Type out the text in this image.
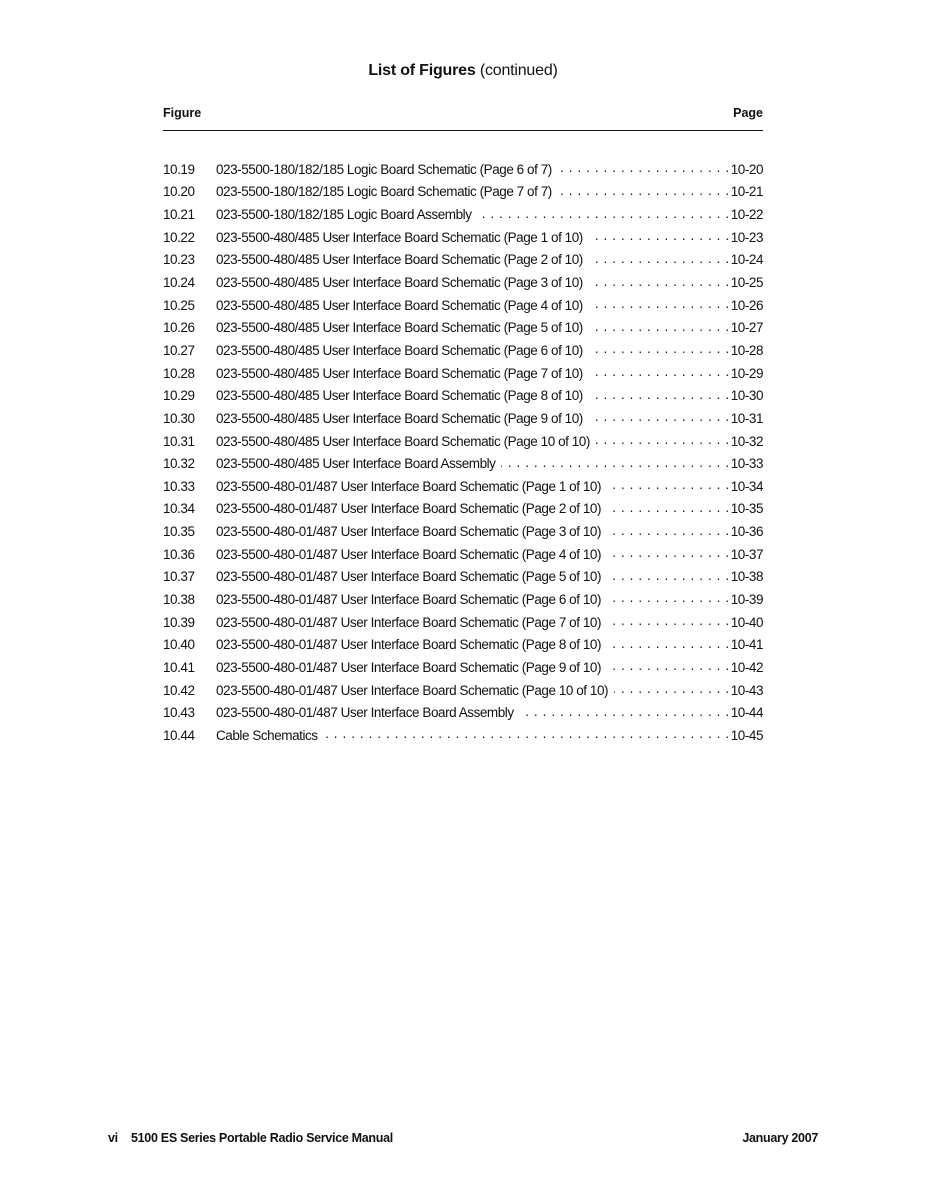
List of Figures (continued)
Figure	Page
10.19	023-5500-180/182/185 Logic Board Schematic (Page 6 of 7) . . .	10-20
10.20	023-5500-180/182/185 Logic Board Schematic (Page 7 of 7) . . .	10-21
10.21	023-5500-180/182/185 Logic Board Assembly . . .	10-22
10.22	023-5500-480/485 User Interface Board Schematic (Page 1 of 10) . . .	10-23
10.23	023-5500-480/485 User Interface Board Schematic (Page 2 of 10) . . .	10-24
10.24	023-5500-480/485 User Interface Board Schematic (Page 3 of 10) . . .	10-25
10.25	023-5500-480/485 User Interface Board Schematic (Page 4 of 10) . . .	10-26
10.26	023-5500-480/485 User Interface Board Schematic (Page 5 of 10) . . .	10-27
10.27	023-5500-480/485 User Interface Board Schematic (Page 6 of 10) . . .	10-28
10.28	023-5500-480/485 User Interface Board Schematic (Page 7 of 10) . . .	10-29
10.29	023-5500-480/485 User Interface Board Schematic (Page 8 of 10) . . .	10-30
10.30	023-5500-480/485 User Interface Board Schematic (Page 9 of 10) . . .	10-31
10.31	023-5500-480/485 User Interface Board Schematic (Page 10 of 10) . . .	10-32
10.32	023-5500-480/485 User Interface Board Assembly . . .	10-33
10.33	023-5500-480-01/487 User Interface Board Schematic (Page 1 of 10) . . .	10-34
10.34	023-5500-480-01/487 User Interface Board Schematic (Page 2 of 10) . . .	10-35
10.35	023-5500-480-01/487 User Interface Board Schematic (Page 3 of 10) . . .	10-36
10.36	023-5500-480-01/487 User Interface Board Schematic (Page 4 of 10) . . .	10-37
10.37	023-5500-480-01/487 User Interface Board Schematic (Page 5 of 10) . . .	10-38
10.38	023-5500-480-01/487 User Interface Board Schematic (Page 6 of 10) . . .	10-39
10.39	023-5500-480-01/487 User Interface Board Schematic (Page 7 of 10) . . .	10-40
10.40	023-5500-480-01/487 User Interface Board Schematic (Page 8 of 10) . . .	10-41
10.41	023-5500-480-01/487 User Interface Board Schematic (Page 9 of 10) . . .	10-42
10.42	023-5500-480-01/487 User Interface Board Schematic (Page 10 of 10) . . .	10-43
10.43	023-5500-480-01/487 User Interface Board Assembly . . .	10-44
10.44	Cable Schematics . . .	10-45
vi 5100 ES Series Portable Radio Service Manual	January 2007
